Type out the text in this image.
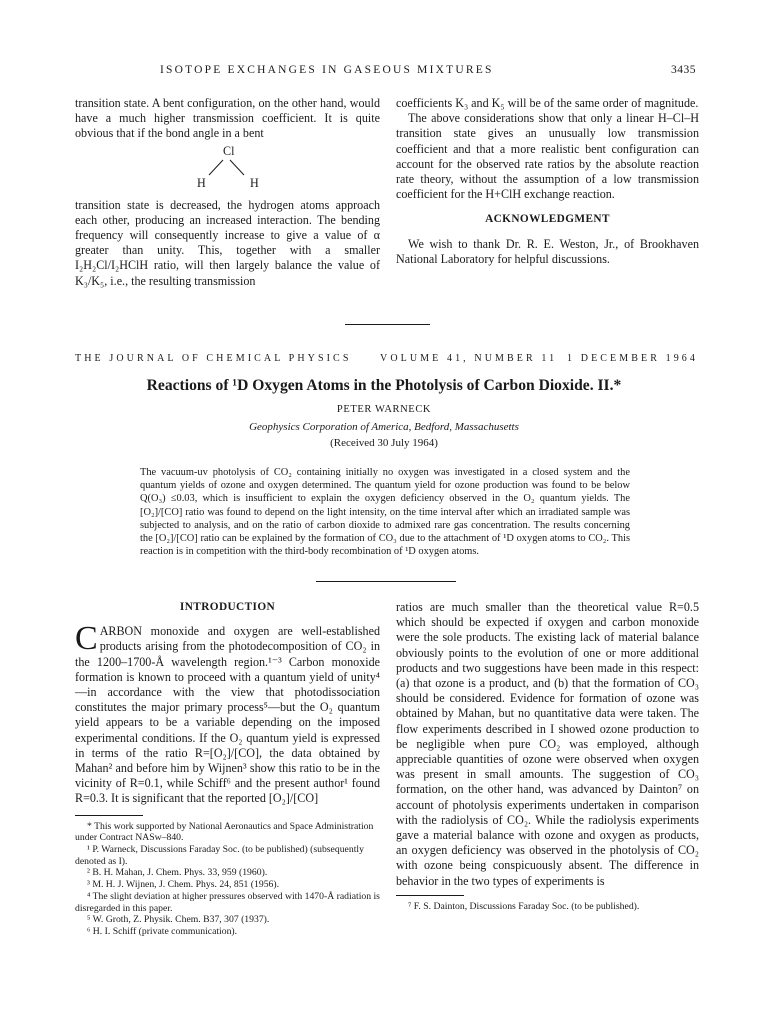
ISOTOPE EXCHANGES IN GASEOUS MIXTURES	3435

transition state. A bent configuration, on the other hand, would have a much higher transmission coefficient. It is quite obvious that if the bond angle in a bent

Cl
H	H

transition state is decreased, the hydrogen atoms approach each other, producing an increased interaction. The bending frequency will consequently increase to give a value of α greater than unity. This, together with a smaller I₂H₂Cl/I₂HClH ratio, will then largely balance the value of K₃/K₅, i.e., the resulting transmission

coefficients K₃ and K₅ will be of the same order of magnitude.

The above considerations show that only a linear H–Cl–H transition state gives an unusually low transmission coefficient and that a more realistic bent configuration can account for the observed rate ratios by the absolute reaction rate theory, without the assumption of a low transmission coefficient for the H+ClH exchange reaction.

ACKNOWLEDGMENT

We wish to thank Dr. R. E. Weston, Jr., of Brookhaven National Laboratory for helpful discussions.

THE JOURNAL OF CHEMICAL PHYSICS	VOLUME 41, NUMBER 11 1 DECEMBER 1964
Reactions of ¹D Oxygen Atoms in the Photolysis of Carbon Dioxide. II.*
PETER WARNECK
Geophysics Corporation of America, Bedford, Massachusetts
(Received 30 July 1964)
The vacuum-uv photolysis of CO₂ containing initially no oxygen was investigated in a closed system and the quantum yields of ozone and oxygen determined. The quantum yield for ozone production was found to be below Q(O₃) ≤0.03, which is insufficient to explain the oxygen deficiency observed in the O₂ quantum yields. The [O₂]/[CO] ratio was found to depend on the light intensity, on the time interval after which an irradiated sample was subjected to analysis, and on the ratio of carbon dioxide to admixed rare gas concentration. The results concerning the [O₂]/[CO] ratio can be explained by the formation of CO₃ due to the attachment of ¹D oxygen atoms to CO₂. This reaction is in competition with the third-body recombination of ¹D oxygen atoms.

INTRODUCTION

CARBON monoxide and oxygen are well-established products arising from the photodecomposition of CO₂ in the 1200–1700-Å wavelength region.¹⁻³ Carbon monoxide formation is known to proceed with a quantum yield of unity⁴—in accordance with the view that photodissociation constitutes the major primary process⁵—but the O₂ quantum yield appears to be a variable depending on the imposed experimental conditions. If the O₂ quantum yield is expressed in terms of the ratio R=[O₂]/[CO], the data obtained by Mahan² and before him by Wijnen³ show this ratio to be in the vicinity of R=0.1, while Schiff⁶ and the present author¹ found R=0.3. It is significant that the reported [O₂]/[CO]

* This work supported by National Aeronautics and Space Administration under Contract NASw–840.

¹ P. Warneck, Discussions Faraday Soc. (to be published) (subsequently denoted as I).

² B. H. Mahan, J. Chem. Phys. 33, 959 (1960).

³ M. H. J. Wijnen, J. Chem. Phys. 24, 851 (1956).

⁴ The slight deviation at higher pressures observed with 1470-Å radiation is disregarded in this paper.

⁵ W. Groth, Z. Physik. Chem. B37, 307 (1937).

⁶ H. I. Schiff (private communication).

ratios are much smaller than the theoretical value R=0.5 which should be expected if oxygen and carbon monoxide were the sole products. The existing lack of material balance obviously points to the evolution of one or more additional products and two suggestions have been made in this respect: (a) that ozone is a product, and (b) that the formation of CO₃ should be considered. Evidence for formation of ozone was obtained by Mahan, but no quantitative data were taken. The flow experiments described in I showed ozone production to be negligible when pure CO₂ was employed, although appreciable quantities of ozone were observed when oxygen was present in small amounts. The suggestion of CO₃ formation, on the other hand, was advanced by Dainton⁷ on account of photolysis experiments undertaken in comparison with the radiolysis of CO₂. While the radiolysis experiments gave a material balance with ozone and oxygen as products, an oxygen deficiency was observed in the photolysis of CO₂ with ozone being conspicuously absent. The difference in behavior in the two types of experiments is

⁷ F. S. Dainton, Discussions Faraday Soc. (to be published).
